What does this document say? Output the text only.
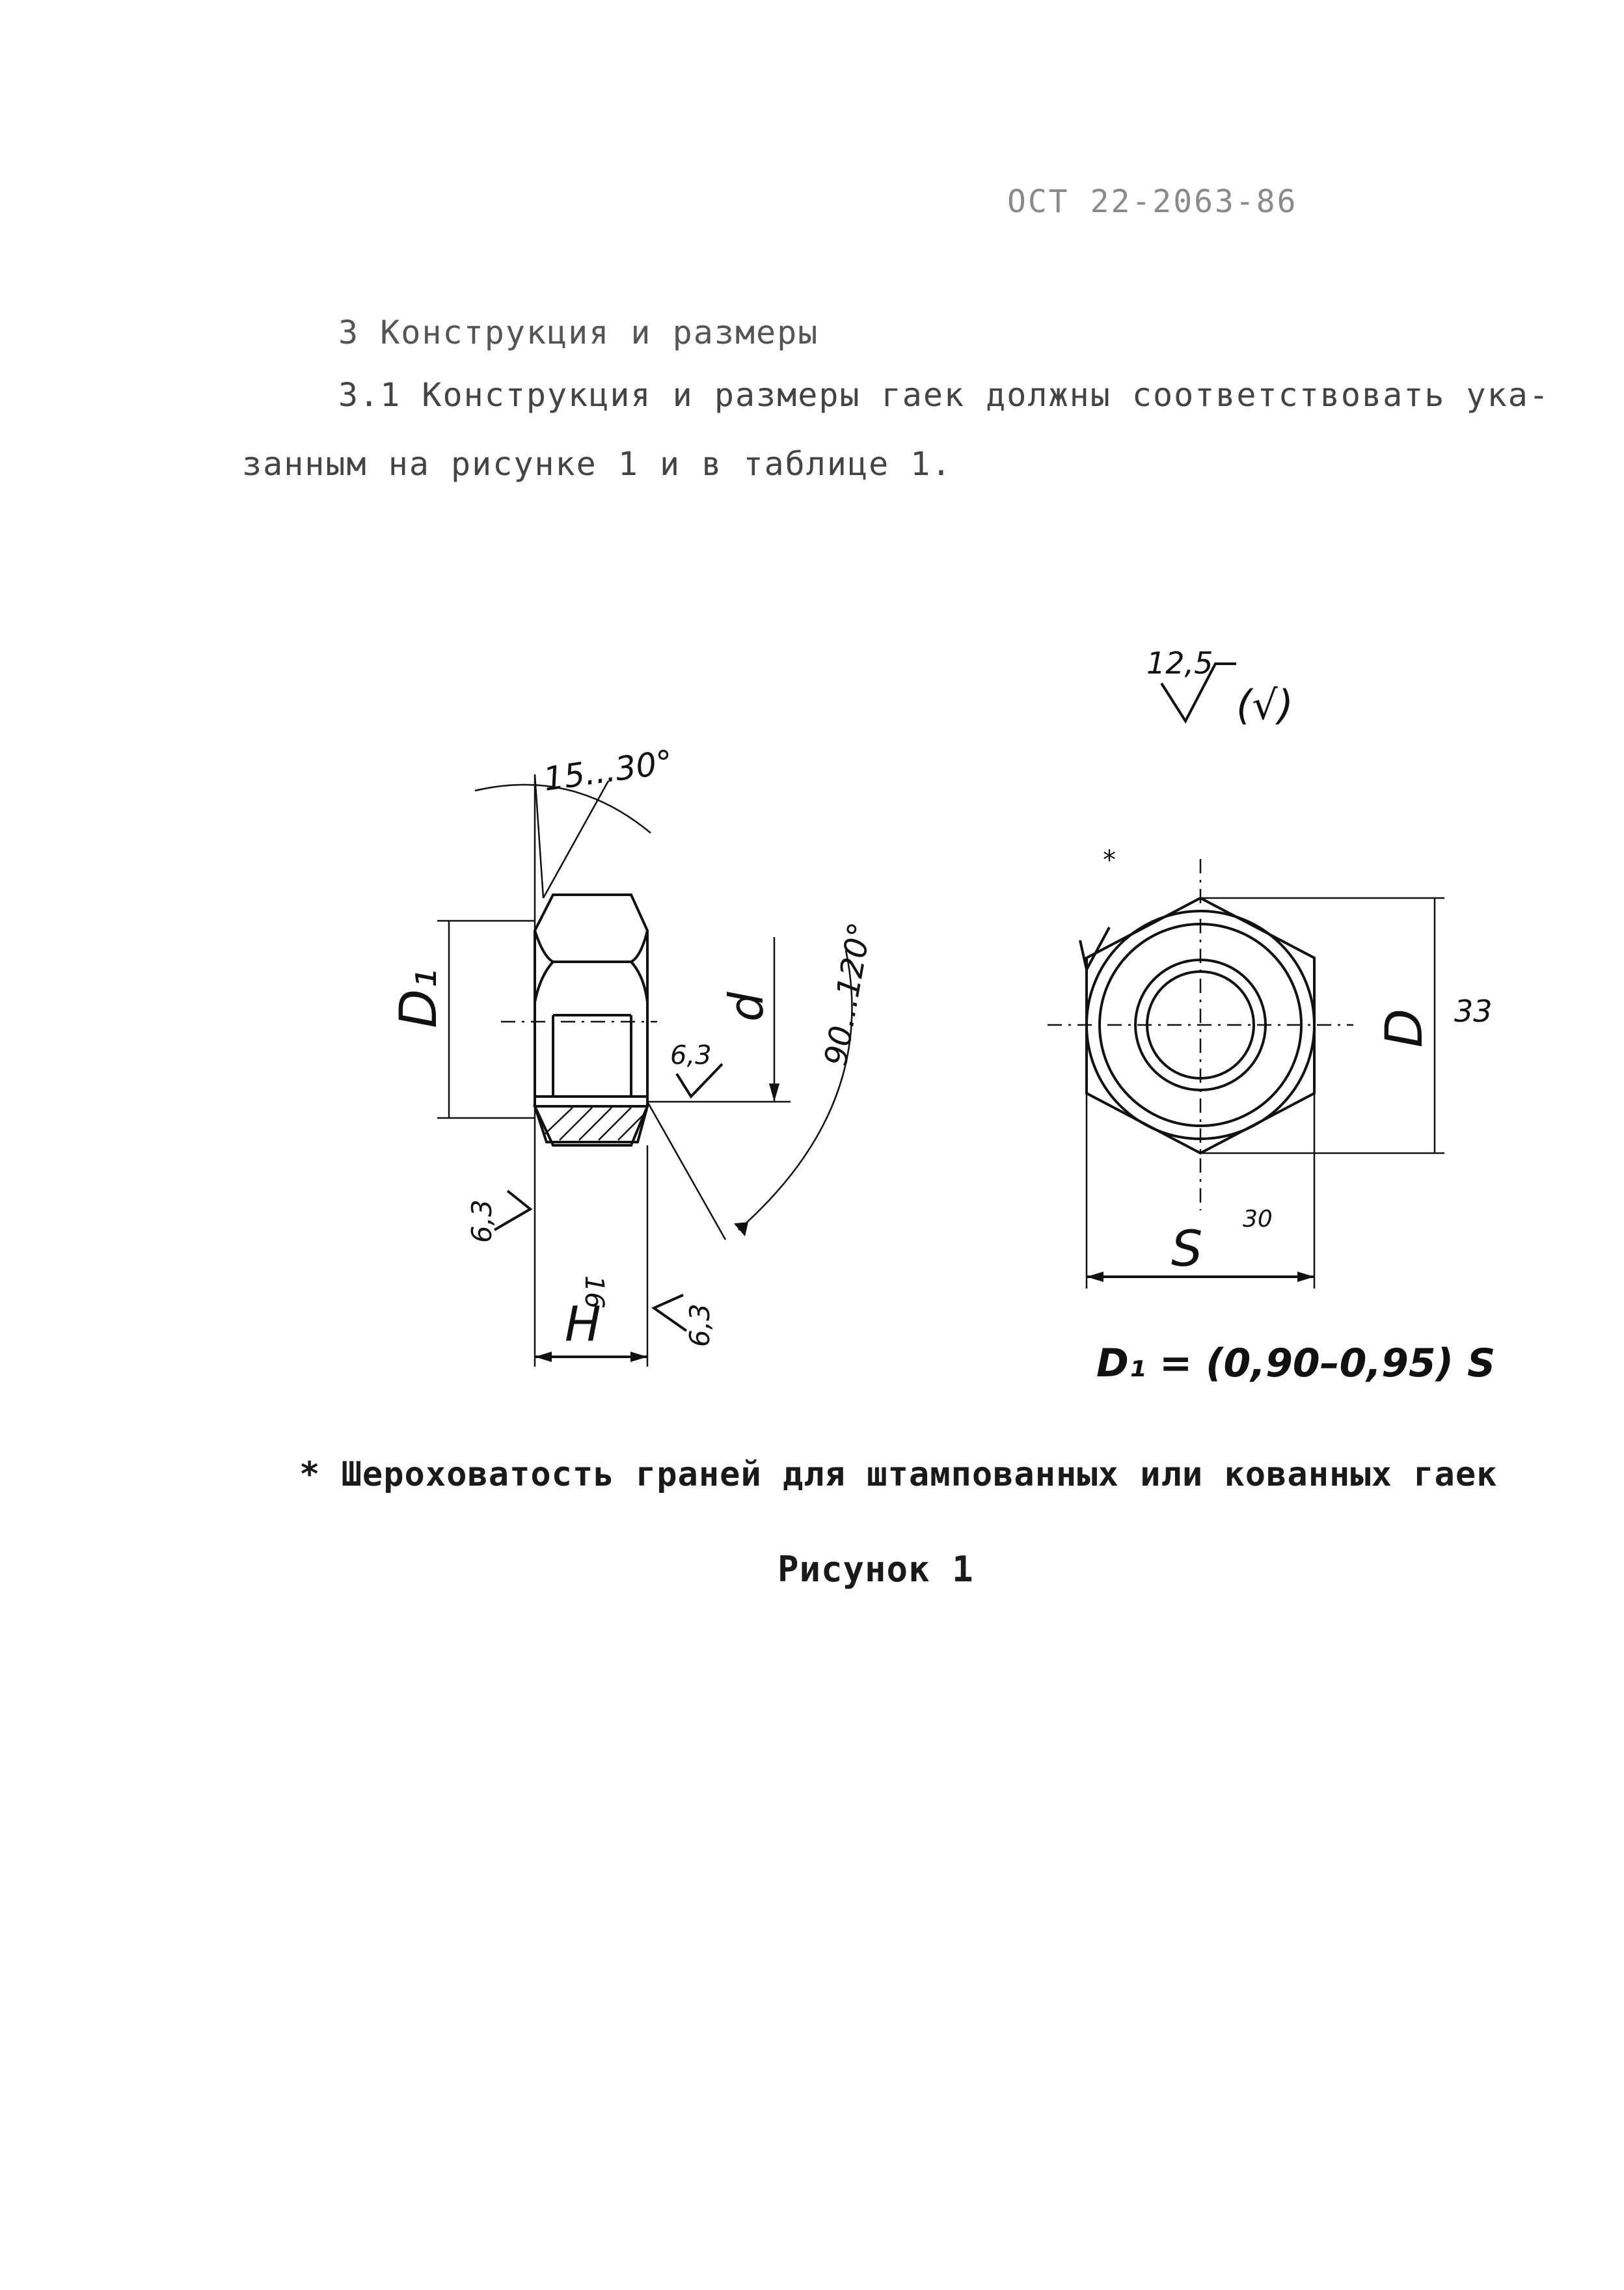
ОСТ 22-2063-86
3 Конструкция и размеры
3.1 Конструкция и размеры гаек должны соответствовать ука-
занным на рисунке 1 и в таблице 1.
12,5
(√)
15...30°
D₁	d 90...120°
6,3
6,3
H
16
6,3
*
D 33
S
30
D₁ = (0,90–0,95) S
* Шероховатость граней для штампованных или кованных гаек
Рисунок 1
